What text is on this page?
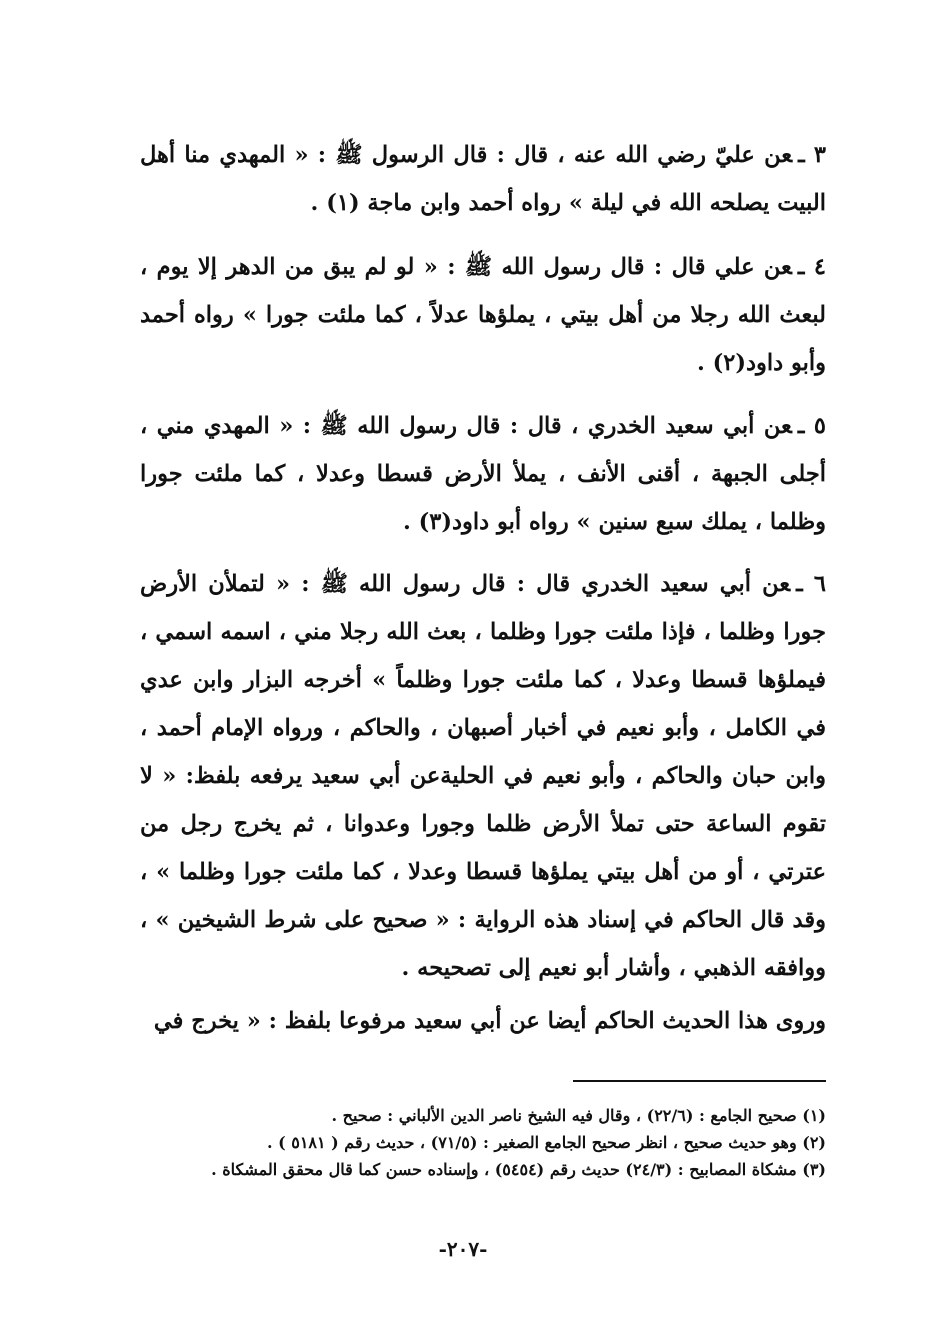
٣ ـعن عليّ رضي الله عنه ، قال : قال الرسول ﷺ : « المهدي منا أهل البيت يصلحه الله في ليلة » رواه أحمد وابن ماجة (١) .
٤ ـعن علي قال : قال رسول الله ﷺ : « لو لم يبق من الدهر إلا يوم ، لبعث الله رجلا من أهل بيتي ، يملؤها عدلاً ، كما ملئت جورا » رواه أحمد وأبو داود(٢) .
٥ ـعن أبي سعيد الخدري ، قال : قال رسول الله ﷺ : « المهدي مني ، أجلى الجبهة ، أقنى الأنف ، يملأ الأرض قسطا وعدلا ، كما ملئت جورا وظلما ، يملك سبع سنين » رواه أبو داود(٣) .
٦ ـعن أبي سعيد الخدري قال : قال رسول الله ﷺ : « لتملأن الأرض جورا وظلما ، فإذا ملئت جورا وظلما ، بعث الله رجلا مني ، اسمه اسمي ، فيملؤها قسطا وعدلا ، كما ملئت جورا وظلماً » أخرجه البزار وابن عدي في الكامل ، وأبو نعيم في أخبار أصبهان ، والحاكم ، ورواه الإمام أحمد ، وابن حبان والحاكم ، وأبو نعيم في الحليةعن أبي سعيد يرفعه بلفظ: « لا تقوم الساعة حتى تملأ الأرض ظلما وجورا وعدوانا ، ثم يخرج رجل من عترتي ، أو من أهل بيتي يملؤها قسطا وعدلا ، كما ملئت جورا وظلما » ، وقد قال الحاكم في إسناد هذه الرواية : « صحيح على شرط الشيخين » ، ووافقه الذهبي ، وأشار أبو نعيم إلى تصحيحه .
وروى هذا الحديث الحاكم أيضا عن أبي سعيد مرفوعا بلفظ : « يخرج في

(١) صحيح الجامع : (٢٢/٦) ، وقال فيه الشيخ ناصر الدين الألباني : صحيح .

(٢) وهو حديث صحيح ، انظر صحيح الجامع الصغير : (٧١/٥) ، حديث رقم ( ٥١٨١ ) .

(٣) مشكاة المصابيح : (٢٤/٣) حديث رقم (٥٤٥٤) ، وإسناده حسن كما قال محقق المشكاة .

-٢٠٧-
